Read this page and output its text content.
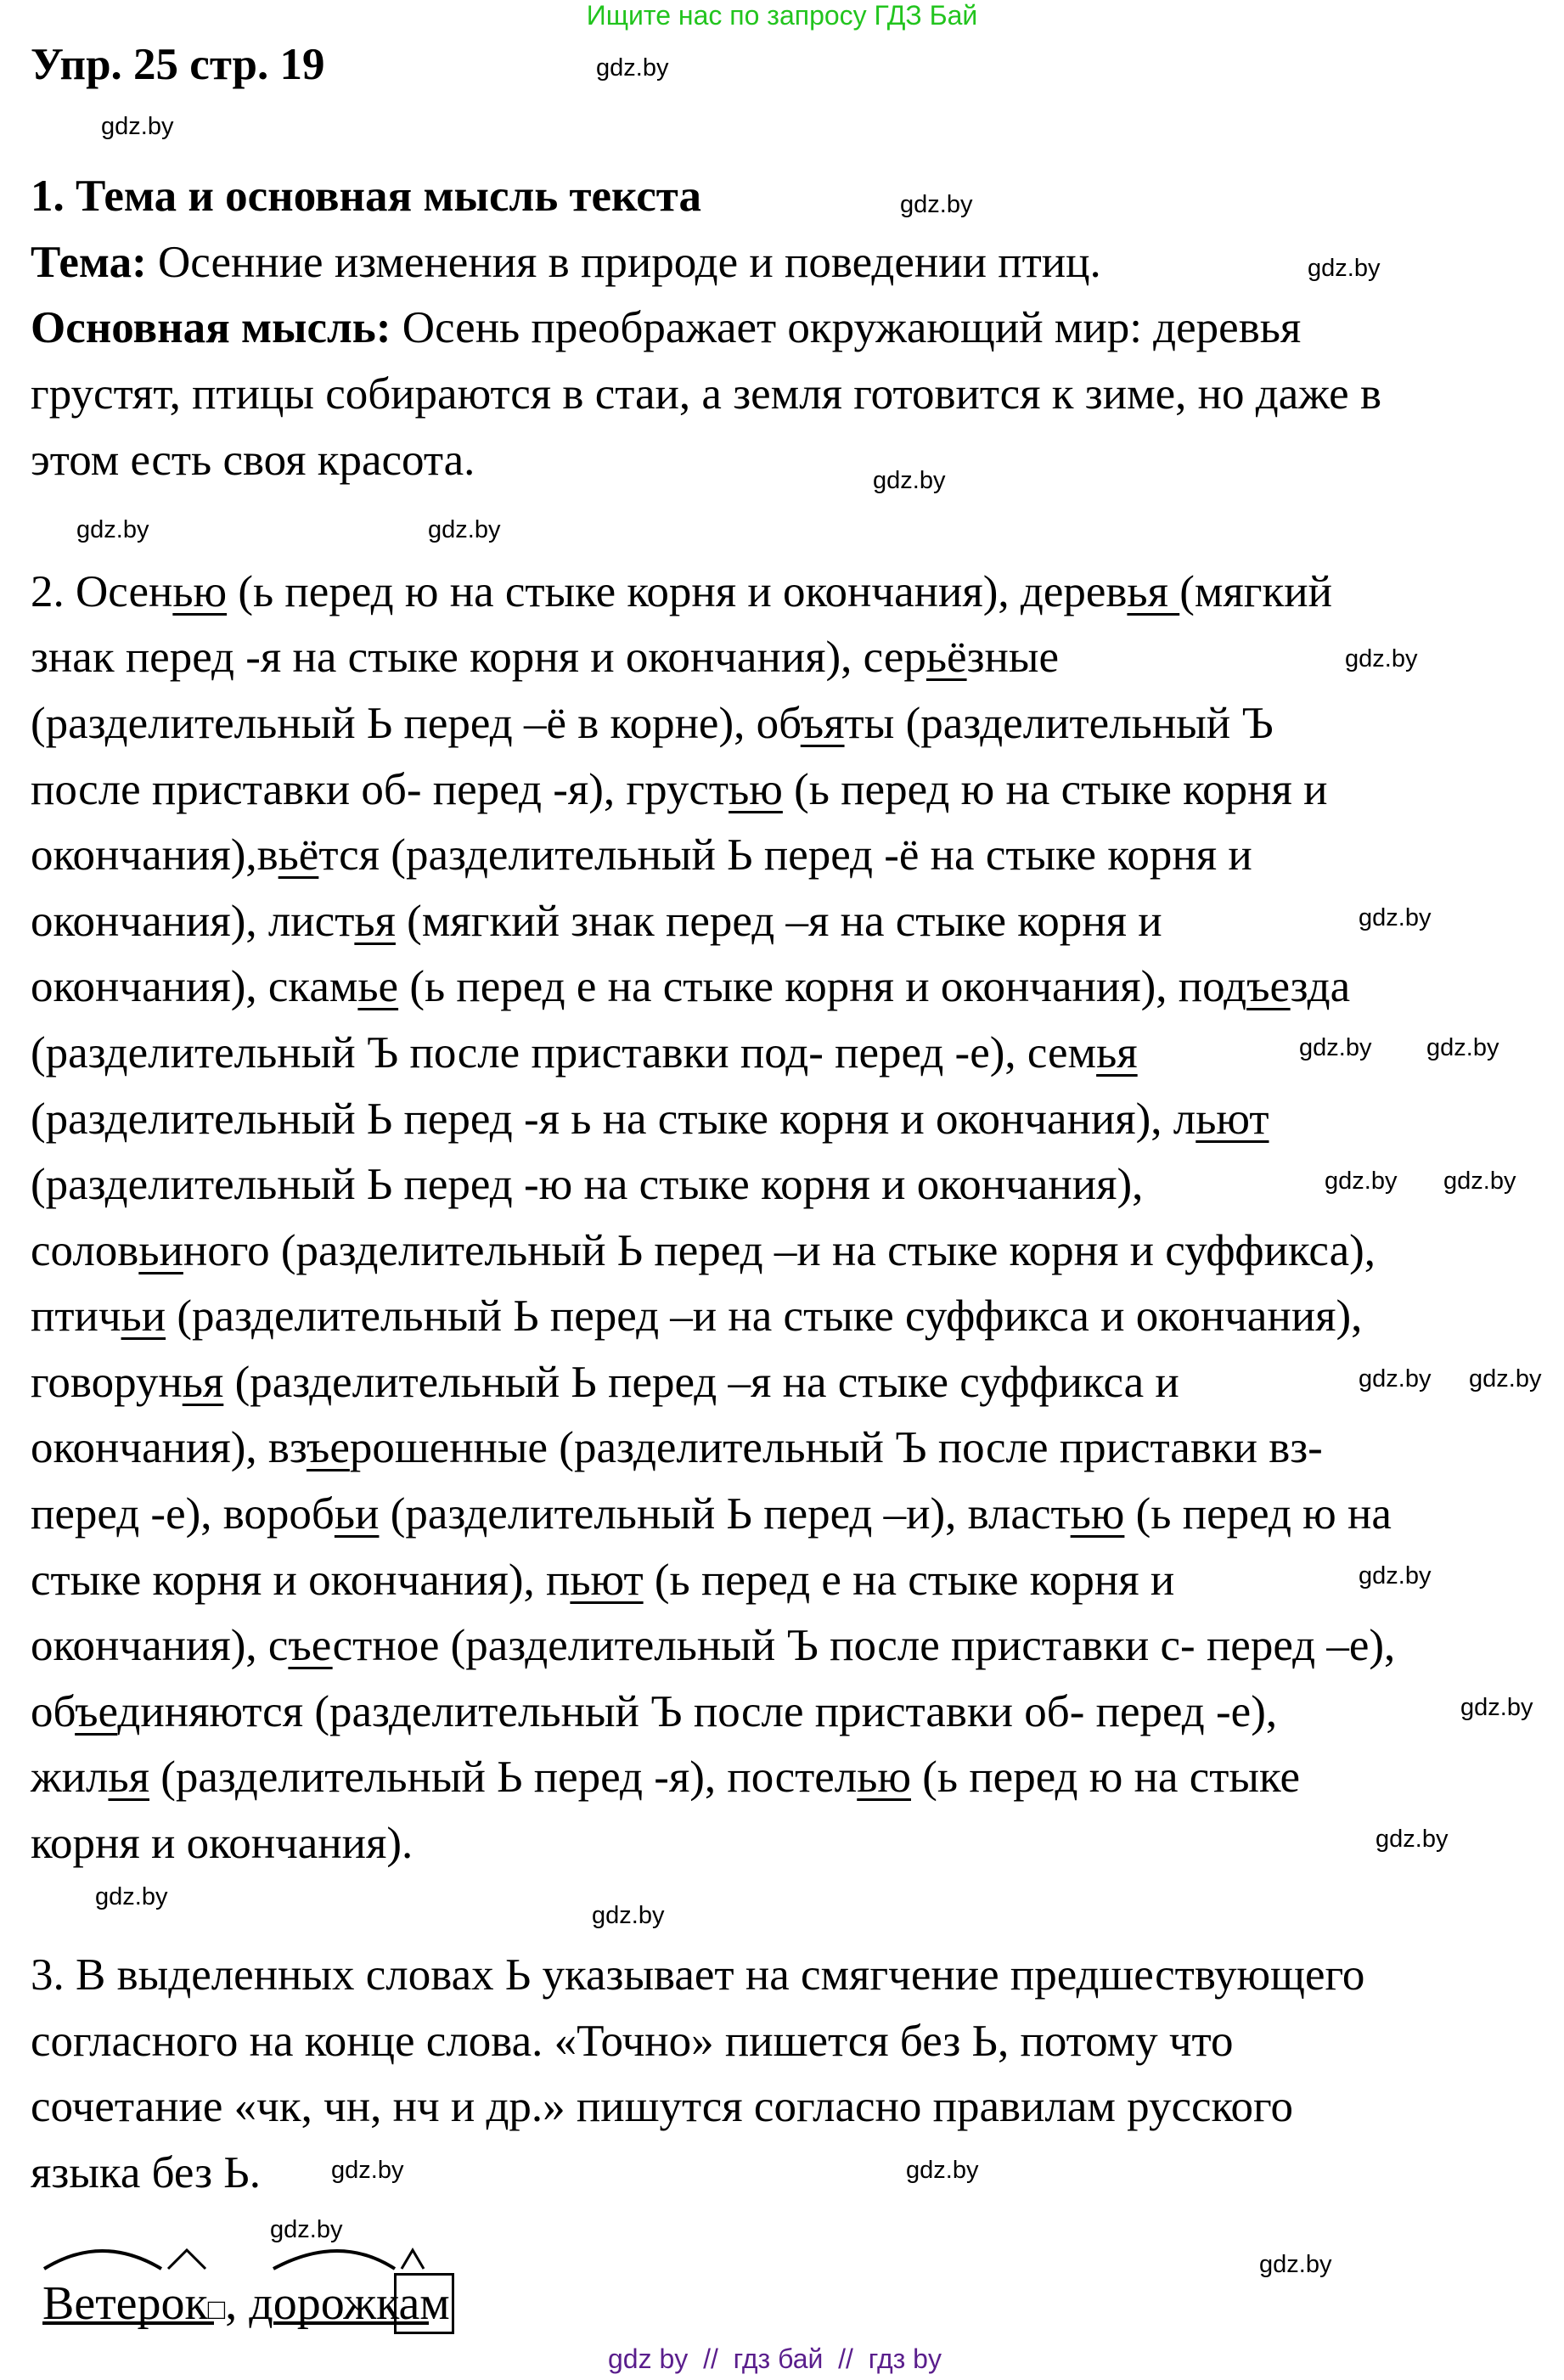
Ищите нас по запросу ГДЗ Бай
Упр. 25 стр. 19
1. Тема и основная мысль текста
Тема: Осенние изменения в природе и поведении птиц.
Основная мысль: Осень преображает окружающий мир: деревья
грустят, птицы собираются в стаи, а земля готовится к зиме, но даже в
этом есть своя красота.
2. Осенью (ь перед ю на стыке корня и окончания), деревья (мягкий
знак перед -я на стыке корня и окончания), серьёзные
(разделительный Ь перед –ё в корне), объяты (разделительный Ъ
после приставки об- перед -я), грустью (ь перед ю на стыке корня и
окончания),вьётся (разделительный Ь перед -ё на стыке корня и
окончания), листья (мягкий знак перед –я на стыке корня и
окончания), скамье (ь перед е на стыке корня и окончания), подъезда
(разделительный Ъ после приставки под- перед -е), семья
(разделительный Ь перед -я ь на стыке корня и окончания), льют
(разделительный Ь перед -ю на стыке корня и окончания),
соловьиного (разделительный Ь перед –и на стыке корня и суффикса),
птичьи (разделительный Ь перед –и на стыке суффикса и окончания),
говорунья (разделительный Ь перед –я на стыке суффикса и
окончания), взъерошенные (разделительный Ъ после приставки вз-
перед -е), воробьи (разделительный Ь перед –и), властью (ь перед ю на
стыке корня и окончания), пьют (ь перед е на стыке корня и
окончания), съестное (разделительный Ъ после приставки с- перед –е),
объединяются (разделительный Ъ после приставки об- перед -е),
жилья (разделительный Ь перед -я), постелью (ь перед ю на стыке
корня и окончания).
3. В выделенных словах Ь указывает на смягчение предшествующего
согласного на конце слова. «Точно» пишется без Ь, потому что
сочетание «чк, чн, нч и др.» пишутся согласно правилам русского
языка без Ь.
Ветерок□, дорожкам
gdz.by
gdz.by
gdz.by
gdz.by
gdz.by
gdz.by
gdz.by
gdz.by
gdz.by
gdz.by gdz.by
gdz.by gdz.by
gdz.by gdz.by
gdz.by
gdz.by
gdz.by
gdz.by
gdz.by
gdz.by	gdz.by
gdz.by
gdz.by
gdz by  //  гдз бай  //  гдз by
